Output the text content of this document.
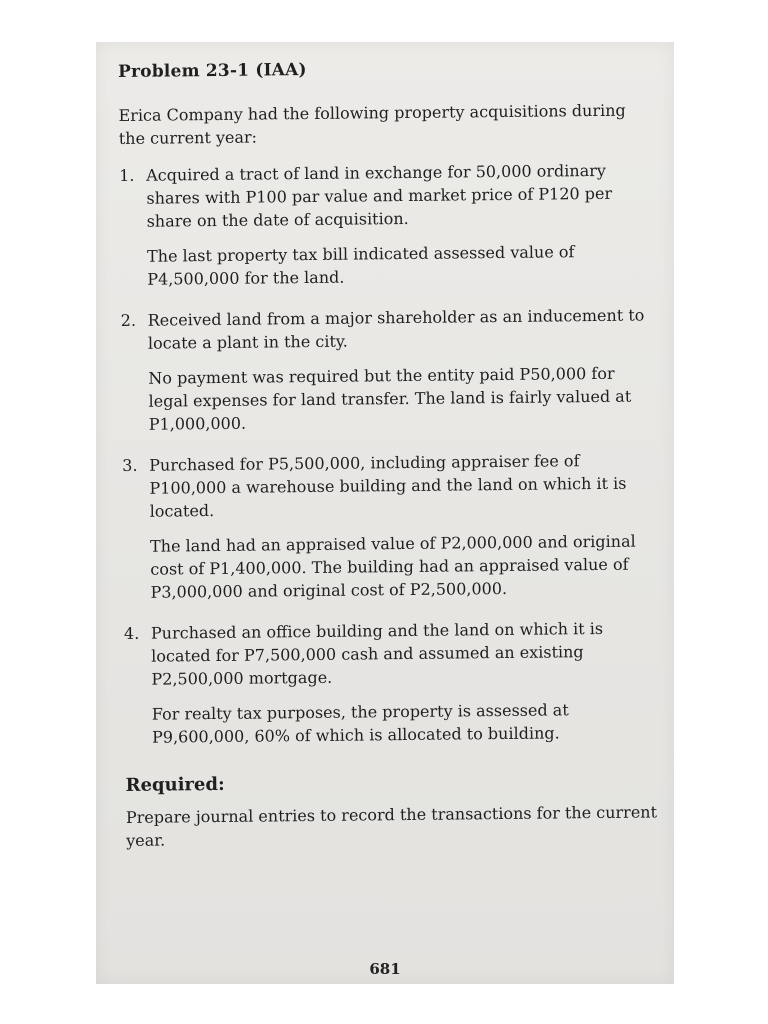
Problem 23-1 (IAA)

Erica Company had the following property acquisitions during the current year:

1. Acquired a tract of land in exchange for 50,000 ordinary shares with P100 par value and market price of P120 per share on the date of acquisition.

The last property tax bill indicated assessed value of P4,500,000 for the land.

2. Received land from a major shareholder as an inducement to locate a plant in the city.

No payment was required but the entity paid P50,000 for legal expenses for land transfer. The land is fairly valued at P1,000,000.

3. Purchased for P5,500,000, including appraiser fee of P100,000 a warehouse building and the land on which it is located.

The land had an appraised value of P2,000,000 and original cost of P1,400,000. The building had an appraised value of P3,000,000 and original cost of P2,500,000.

4. Purchased an office building and the land on which it is located for P7,500,000 cash and assumed an existing P2,500,000 mortgage.

For realty tax purposes, the property is assessed at P9,600,000, 60% of which is allocated to building.

Required:

Prepare journal entries to record the transactions for the current year.

681
